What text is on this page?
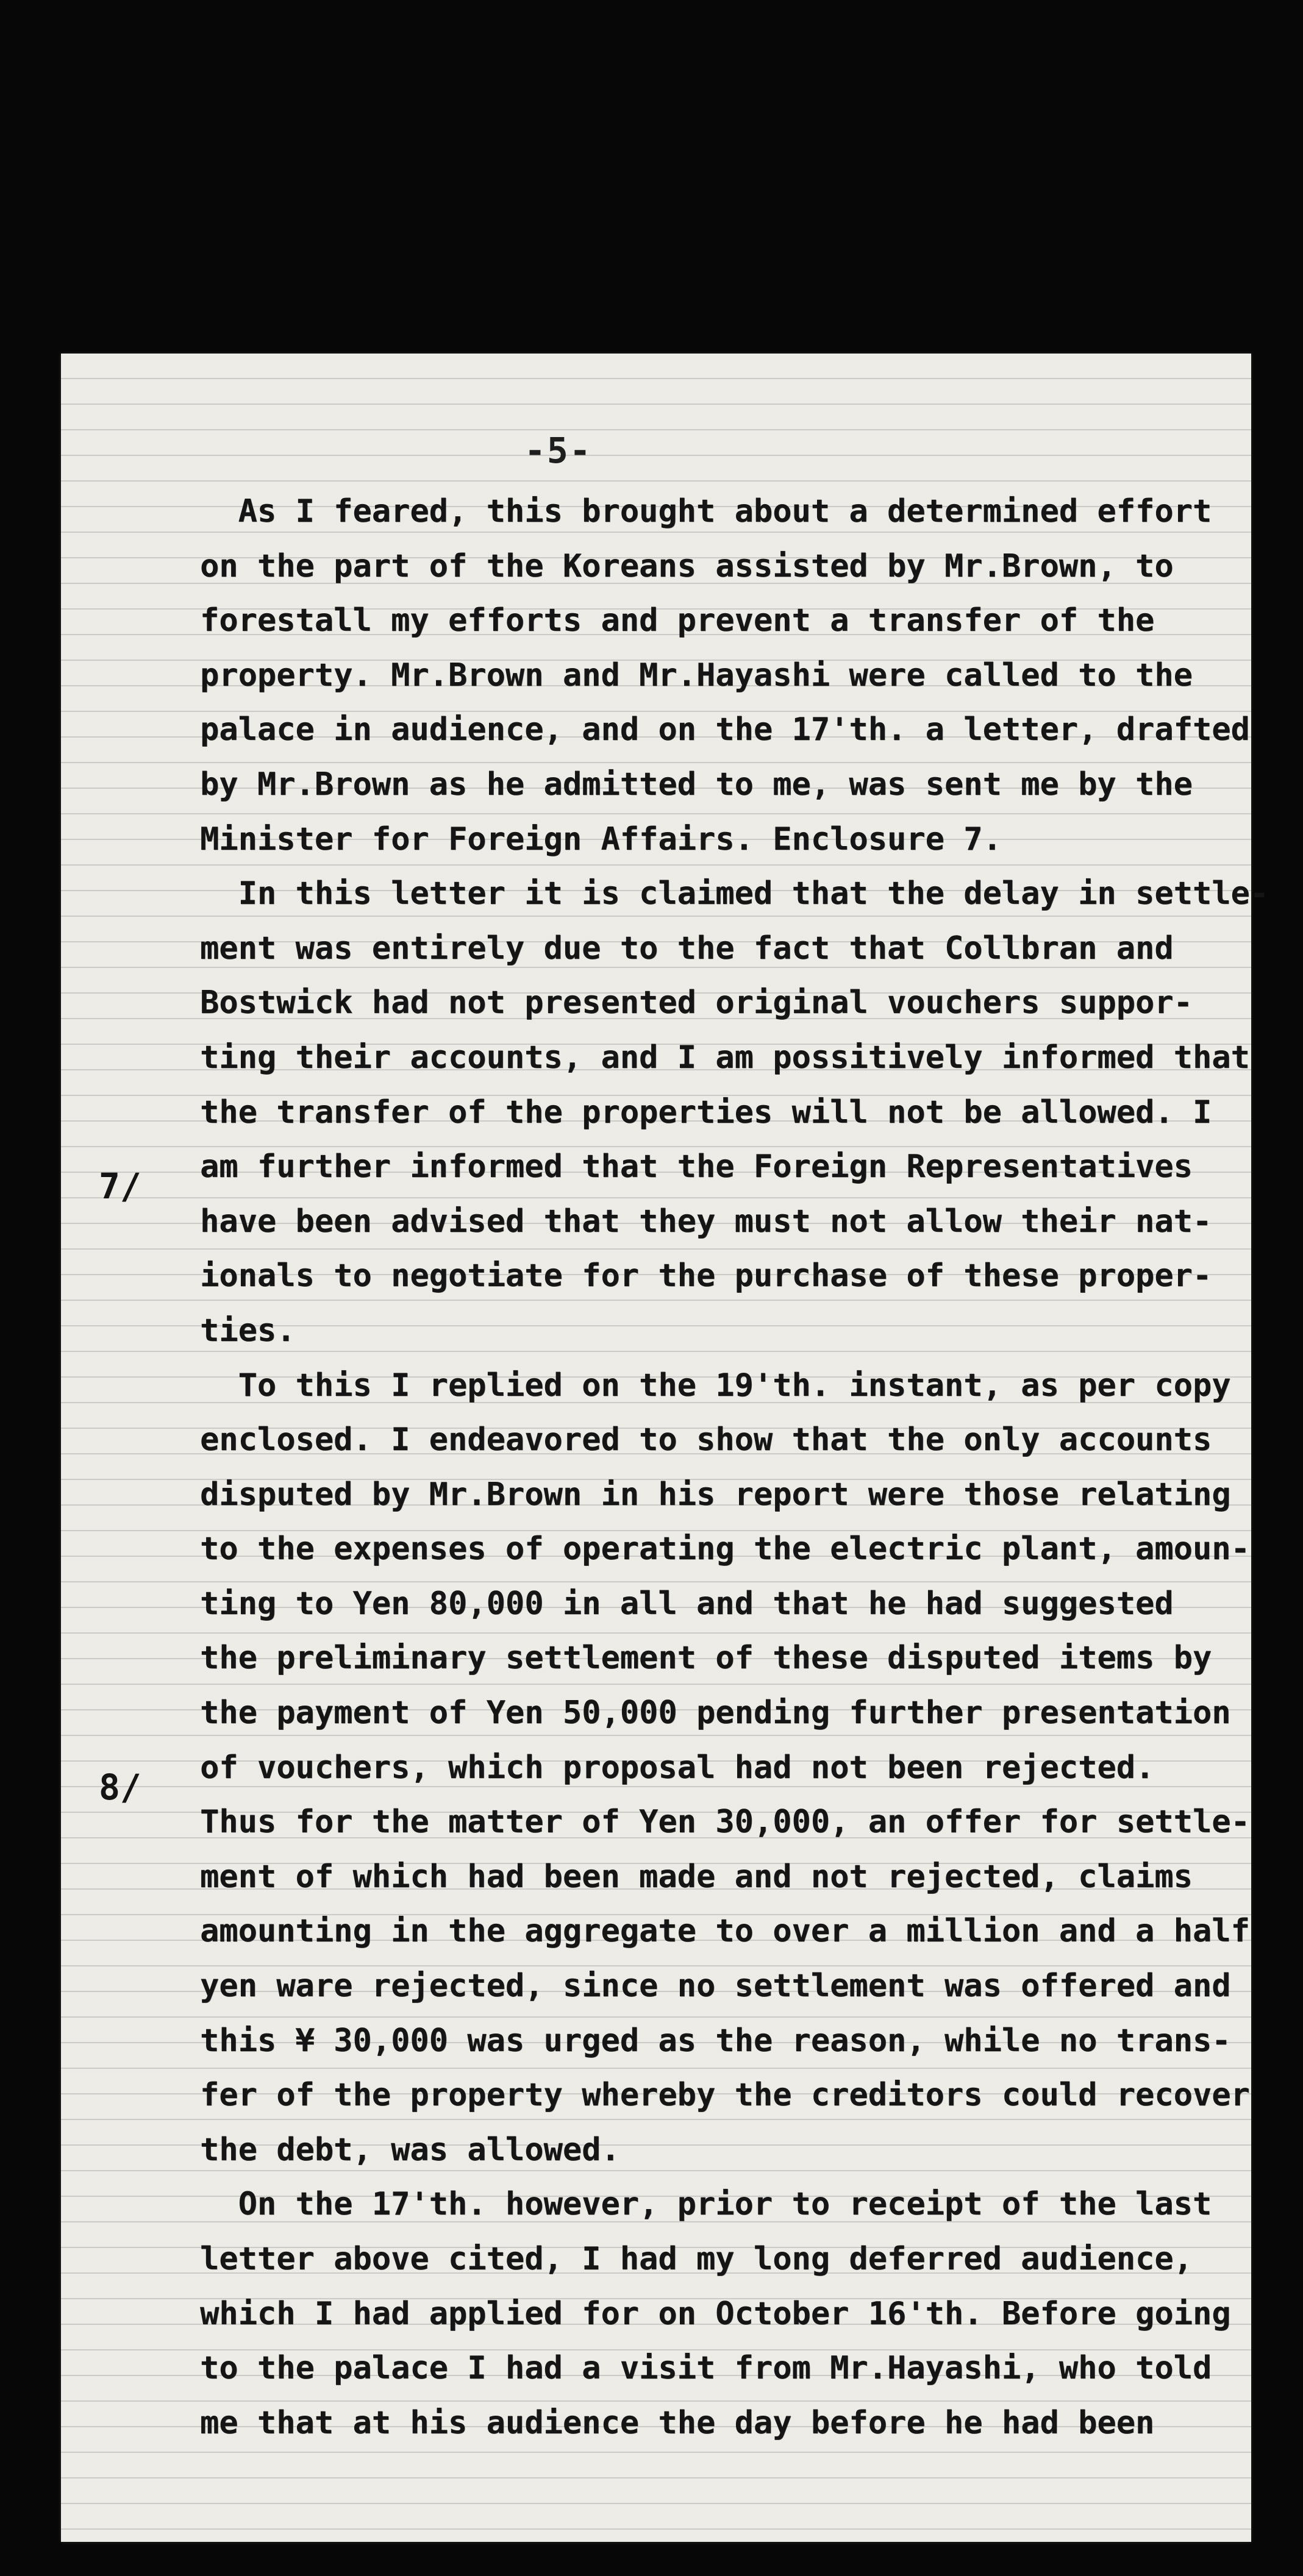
-5-
7/
8/
As I feared, this brought about a determined effort
on the part of the Koreans assisted by Mr.Brown, to
forestall my efforts and prevent a transfer of the
property. Mr.Brown and Mr.Hayashi were called to the
palace in audience, and on the 17'th. a letter, drafted
by Mr.Brown as he admitted to me, was sent me by the
Minister for Foreign Affairs. Enclosure 7.
In this letter it is claimed that the delay in settle-
ment was entirely due to the fact that Collbran and
Bostwick had not presented original vouchers suppor-
ting their accounts, and I am possitively informed that
the transfer of the properties will not be allowed. I
am further informed that the Foreign Representatives
have been advised that they must not allow their nat-
ionals to negotiate for the purchase of these proper-
ties.
To this I replied on the 19'th. instant, as per copy
enclosed. I endeavored to show that the only accounts
disputed by Mr.Brown in his report were those relating
to the expenses of operating the electric plant, amoun-
ting to Yen 80,000 in all and that he had suggested
the preliminary settlement of these disputed items by
the payment of Yen 50,000 pending further presentation
of vouchers, which proposal had not been rejected.
Thus for the matter of Yen 30,000, an offer for settle-
ment of which had been made and not rejected, claims
amounting in the aggregate to over a million and a half
yen ware rejected, since no settlement was offered and
this ¥ 30,000 was urged as the reason, while no trans-
fer of the property whereby the creditors could recover
the debt, was allowed.
On the 17'th. however, prior to receipt of the last
letter above cited, I had my long deferred audience,
which I had applied for on October 16'th. Before going
to the palace I had a visit from Mr.Hayashi, who told
me that at his audience the day before he had been
